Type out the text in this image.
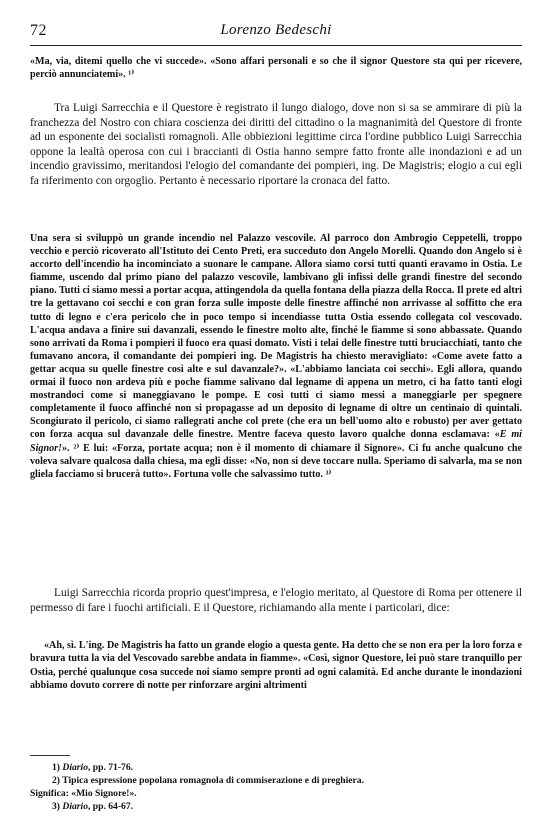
72	Lorenzo Bedeschi

«Ma, via, ditemi quello che vi succede». «Sono affari personali e so che il signor Questore sta qui per ricevere, perciò annunciatemi». ¹⁾

Tra Luigi Sarrecchia e il Questore è registrato il lungo dialogo, dove non si sa se ammirare di più la franchezza del Nostro con chiara coscienza dei diritti del cittadino o la magnanimità del Questore di fronte ad un esponente dei socialisti romagnoli. Alle obbiezioni legittime circa l'ordine pubblico Luigi Sarrecchia oppone la lealtà operosa con cui i braccianti di Ostia hanno sempre fatto fronte alle inondazioni e ad un incendio gravissimo, meritandosi l'elogio del comandante dei pompieri, ing. De Magistris; elogio a cui egli fa riferimento con orgoglio. Pertanto è necessario riportare la cronaca del fatto.

Una sera si sviluppò un grande incendio nel Palazzo vescovile. Al parroco don Ambrogio Ceppetelli, troppo vecchio e perciò ricoverato all'Istituto dei Cento Preti, era succeduto don Angelo Morelli. Quando don Angelo si è accorto dell'incendio ha incominciato a suonare le campane. Allora siamo corsi tutti quanti eravamo in Ostia. Le fiamme, uscendo dal primo piano del palazzo vescovile, lambivano gli infissi delle grandi finestre del secondo piano. Tutti ci siamo messi a portar acqua, attingendola da quella fontana della piazza della Rocca. Il prete ed altri tre la gettavano coi secchi e con gran forza sulle imposte delle finestre affinché non arrivasse al soffitto che era tutto di legno e c'era pericolo che in poco tempo si incendiasse tutta Ostia essendo collegata col vescovado. L'acqua andava a finire sui davanzali, essendo le finestre molto alte, finché le fiamme si sono abbassate. Quando sono arrivati da Roma i pompieri il fuoco era quasi domato. Visti i telai delle finestre tutti bruciacchiati, tanto che fumavano ancora, il comandante dei pompieri ing. De Magistris ha chiesto meravigliato: «Come avete fatto a gettar acqua su quelle finestre così alte e sul davanzale?». «L'abbiamo lanciata coi secchi». Egli allora, quando ormai il fuoco non ardeva più e poche fiamme salivano dal legname di appena un metro, ci ha fatto tanti elogi mostrandoci come si maneggiavano le pompe. E così tutti ci siamo messi a maneggiarle per spegnere completamente il fuoco affinché non si propagasse ad un deposito di legname di oltre un centinaio di quintali. Scongiurato il pericolo, ci siamo rallegrati anche col prete (che era un bell'uomo alto e robusto) per aver gettato con forza acqua sul davanzale delle finestre. Mentre faceva questo lavoro qualche donna esclamava: «E mi Signor!». ²⁾ E lui: «Forza, portate acqua; non è il momento di chiamare il Signore». Ci fu anche qualcuno che voleva salvare qualcosa dalla chiesa, ma egli disse: «No, non si deve toccare nulla. Speriamo di salvarla, ma se non gliela facciamo si brucerà tutto». Fortuna volle che salvassimo tutto. ³⁾

Luigi Sarrecchia ricorda proprio quest'impresa, e l'elogio meritato, al Questore di Roma per ottenere il permesso di fare i fuochi artificiali. E il Questore, richiamando alla mente i particolari, dice:

«Ah, sì. L'ing. De Magistris ha fatto un grande elogio a questa gente. Ha detto che se non era per la loro forza e bravura tutta la via del Vescovado sarebbe andata in fiamme». «Così, signor Questore, lei può stare tranquillo per Ostia, perché qualunque cosa succede noi siamo sempre pronti ad ogni calamità. Ed anche durante le inondazioni abbiamo dovuto correre di notte per rinforzare argini altrimenti

1) Diario, pp. 71-76.
2) Tipica espressione popolana romagnola di commiserazione e di preghiera.
Significa: «Mio Signore!».
3) Diario, pp. 64-67.
